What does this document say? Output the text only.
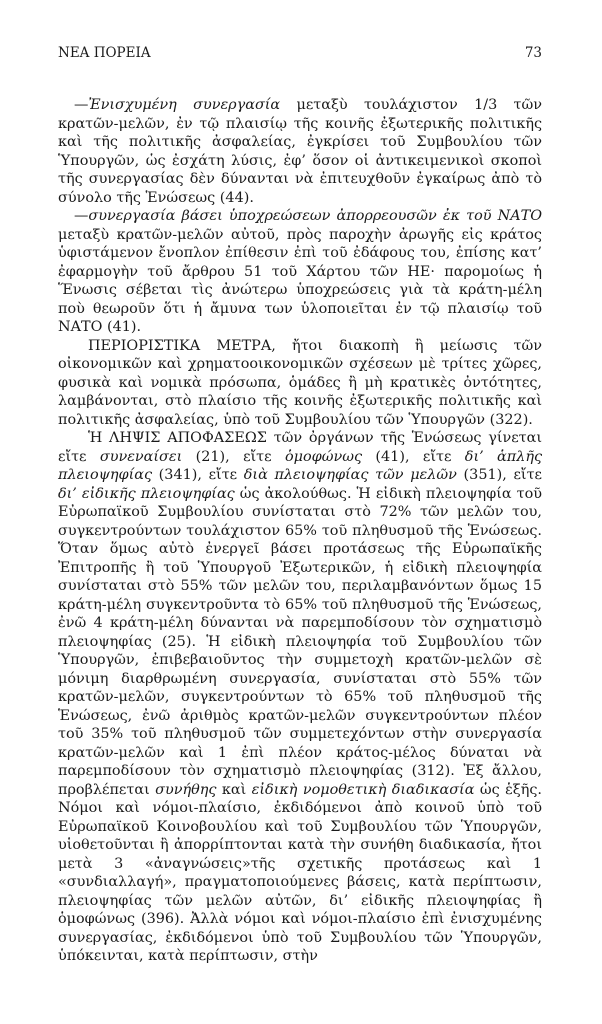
ΝΕΑ ΠΟΡΕΙΑ	73

—Ἐνισχυμένη συνεργασία μεταξὺ τουλάχιστον 1/3 τῶν κρατῶν-μελῶν, ἐν τῷ πλαισίῳ τῆς κοινῆς ἐξωτερικῆς πολιτικῆς καὶ τῆς πολιτικῆς ἀσφαλείας, ἐγκρίσει τοῦ Συμβουλίου τῶν Ὑπουργῶν, ὡς ἐσχάτη λύσις, ἐφ’ ὅσον οἱ ἀντικειμενικοὶ σκοποὶ τῆς συνεργασίας δὲν δύνανται νὰ ἐπιτευχθοῦν ἐγκαίρως ἀπὸ τὸ σύνολο τῆς Ἑνώσεως (44).

—συνεργασία βάσει ὑποχρεώσεων ἀπορρεουσῶν ἐκ τοῦ ΝΑΤΟ μεταξὺ κρατῶν-μελῶν αὐτοῦ, πρὸς παροχὴν ἀρωγῆς εἰς κράτος ὑφιστάμενον ἔνοπλον ἐπίθεσιν ἐπὶ τοῦ ἐδάφους του, ἐπίσης κατ’ ἐφαρμογὴν τοῦ ἄρθρου 51 τοῦ Χάρτου τῶν ΗΕ· παρομοίως ἡ Ἕνωσις σέβεται τὶς ἀνώτερω ὑποχρεώσεις γιὰ τὰ κράτη-μέλη ποὺ θεωροῦν ὅτι ἡ ἄμυνα των ὑλοποιεῖται ἐν τῷ πλαισίῳ τοῦ ΝΑΤΟ (41).

ΠΕΡΙΟΡΙΣΤΙΚΑ ΜΕΤΡΑ, ἤτοι διακοπὴ ἢ μείωσις τῶν οἰκονομικῶν καὶ χρηματοοικονομικῶν σχέσεων μὲ τρίτες χῶρες, φυσικὰ καὶ νομικὰ πρόσωπα, ὁμάδες ἢ μὴ κρατικὲς ὀντότητες, λαμβάνονται, στὸ πλαίσιο τῆς κοινῆς ἐξωτερικῆς πολιτικῆς καὶ πολιτικῆς ἀσφαλείας, ὑπὸ τοῦ Συμβουλίου τῶν Ὑπουργῶν (322).

Ἡ ΛΗΨΙΣ ΑΠΟΦΑΣΕΩΣ τῶν ὀργάνων τῆς Ἑνώσεως γίνεται εἴτε συνεναίσει (21), εἴτε ὁμοφώνως (41), εἴτε δι’ ἁπλῆς πλειοψηφίας (341), εἴτε διὰ πλειοψηφίας τῶν μελῶν (351), εἴτε δι’ εἰδικῆς πλειοψηφίας ὡς ἀκολούθως. Ἡ εἰδικὴ πλειοψηφία τοῦ Εὐρωπαϊκοῦ Συμβουλίου συνίσταται στὸ 72% τῶν μελῶν του, συγκεντρούντων τουλάχιστον 65% τοῦ πληθυσμοῦ τῆς Ἑνώσεως. Ὅταν ὅμως αὐτὸ ἐνεργεῖ βάσει προτάσεως τῆς Εὐρωπαϊκῆς Ἐπιτροπῆς ἢ τοῦ Ὑπουργοῦ Ἐξωτερικῶν, ἡ εἰδικὴ πλειοψηφία συνίσταται στὸ 55% τῶν μελῶν του, περιλαμβανόντων ὅμως 15 κράτη-μέλη συγκεντροῦντα τὸ 65% τοῦ πληθυσμοῦ τῆς Ἑνώσεως, ἐνῶ 4 κράτη-μέλη δύνανται νὰ παρεμποδίσουν τὸν σχηματισμὸ πλειοψηφίας (25). Ἡ εἰδικὴ πλειοψηφία τοῦ Συμβουλίου τῶν Ὑπουργῶν, ἐπιβεβαιοῦντος τὴν συμμετοχὴ κρατῶν-μελῶν σὲ μόνιμη διαρθρωμένη συνεργασία, συνίσταται στὸ 55% τῶν κρατῶν-μελῶν, συγκεντρούντων τὸ 65% τοῦ πληθυσμοῦ τῆς Ἑνώσεως, ἐνῶ ἀριθμὸς κρατῶν-μελῶν συγκεντρούντων πλέον τοῦ 35% τοῦ πληθυσμοῦ τῶν συμμετεχόντων στὴν συνεργασία κρατῶν-μελῶν καὶ 1 ἐπὶ πλέον κράτος-μέλος δύναται νὰ παρεμποδίσουν τὸν σχηματισμὸ πλειοψηφίας (312). Ἐξ ἄλλου, προβλέπεται συνήθης καὶ εἰδικὴ νομοθετικὴ διαδικασία ὡς ἑξῆς. Νόμοι καὶ νόμοι-πλαίσιο, ἐκδιδόμενοι ἀπὸ κοινοῦ ὑπὸ τοῦ Εὐρωπαϊκοῦ Κοινοβουλίου καὶ τοῦ Συμβουλίου τῶν Ὑπουργῶν, υἱοθετοῦνται ἢ ἀπορρίπτονται κατὰ τὴν συνήθη διαδικασία, ἤτοι μετὰ 3 «ἀναγνώσεις»τῆς σχετικῆς προτάσεως καὶ 1 «συνδιαλλαγή», πραγματοποιούμενες βάσεις, κατὰ περίπτωσιν, πλειοψηφίας τῶν μελῶν αὐτῶν, δι’ εἰδικῆς πλειοψηφίας ἢ ὁμοφώνως (396). Ἀλλὰ νόμοι καὶ νόμοι-πλαίσιο ἐπὶ ἐνισχυμένης συνεργασίας, ἐκδιδόμενοι ὑπὸ τοῦ Συμβουλίου τῶν Ὑπουργῶν, ὑπόκεινται, κατὰ περίπτωσιν, στὴν
